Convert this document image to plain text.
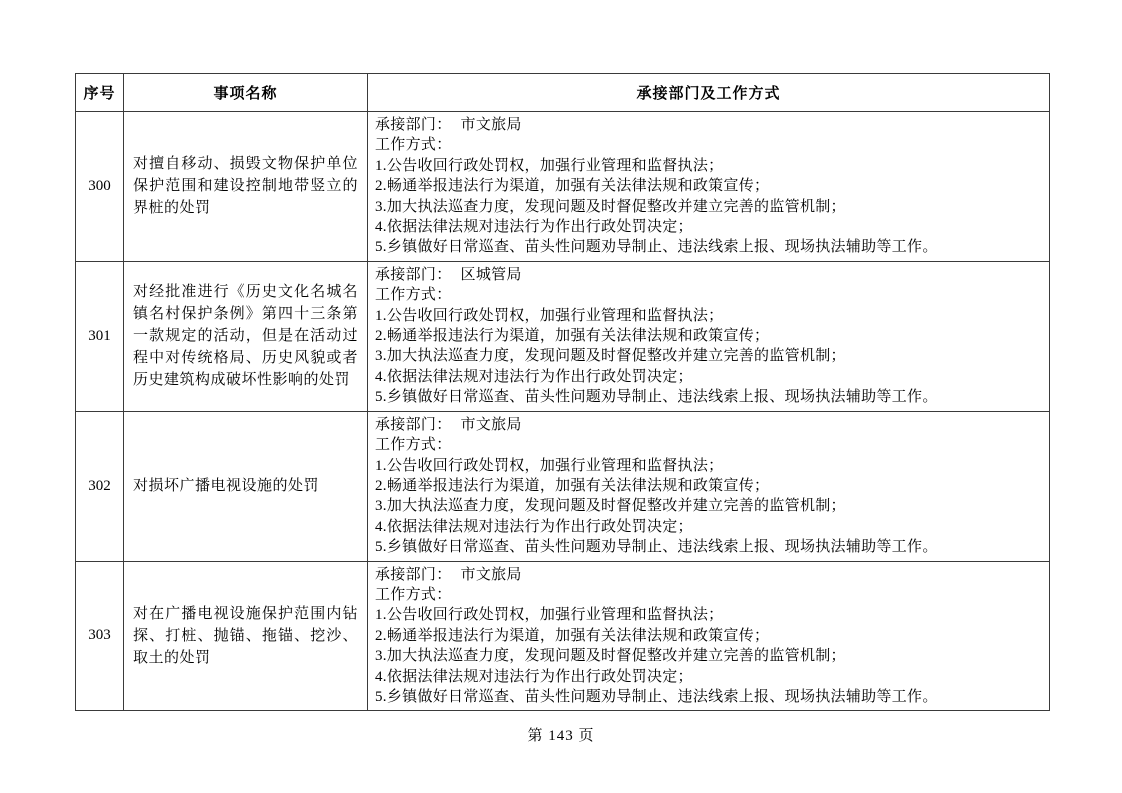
序号	事项名称	承接部门及工作方式
300	对擅自移动、损毁文物保护单位保护范围和建设控制地带竖立的界桩的处罚	
承接部门： 市文旅局
工作方式：
1.公告收回行政处罚权，加强行业管理和监督执法；
2.畅通举报违法行为渠道，加强有关法律法规和政策宣传；
3.加大执法巡查力度，发现问题及时督促整改并建立完善的监管机制；
4.依据法律法规对违法行为作出行政处罚决定；
5.乡镇做好日常巡查、苗头性问题劝导制止、违法线索上报、现场执法辅助等工作。

301	对经批准进行《历史文化名城名镇名村保护条例》第四十三条第一款规定的活动，但是在活动过程中对传统格局、历史风貌或者历史建筑构成破坏性影响的处罚	
承接部门： 区城管局
工作方式：
1.公告收回行政处罚权，加强行业管理和监督执法；
2.畅通举报违法行为渠道，加强有关法律法规和政策宣传；
3.加大执法巡查力度，发现问题及时督促整改并建立完善的监管机制；
4.依据法律法规对违法行为作出行政处罚决定；
5.乡镇做好日常巡查、苗头性问题劝导制止、违法线索上报、现场执法辅助等工作。

302	对损坏广播电视设施的处罚	
承接部门： 市文旅局
工作方式：
1.公告收回行政处罚权，加强行业管理和监督执法；
2.畅通举报违法行为渠道，加强有关法律法规和政策宣传；
3.加大执法巡查力度，发现问题及时督促整改并建立完善的监管机制；
4.依据法律法规对违法行为作出行政处罚决定；
5.乡镇做好日常巡查、苗头性问题劝导制止、违法线索上报、现场执法辅助等工作。

303	对在广播电视设施保护范围内钻探、打桩、抛锚、拖锚、挖沙、取土的处罚	
承接部门： 市文旅局
工作方式：
1.公告收回行政处罚权，加强行业管理和监督执法；
2.畅通举报违法行为渠道，加强有关法律法规和政策宣传；
3.加大执法巡查力度，发现问题及时督促整改并建立完善的监管机制；
4.依据法律法规对违法行为作出行政处罚决定；
5.乡镇做好日常巡查、苗头性问题劝导制止、违法线索上报、现场执法辅助等工作。
第 143 页
